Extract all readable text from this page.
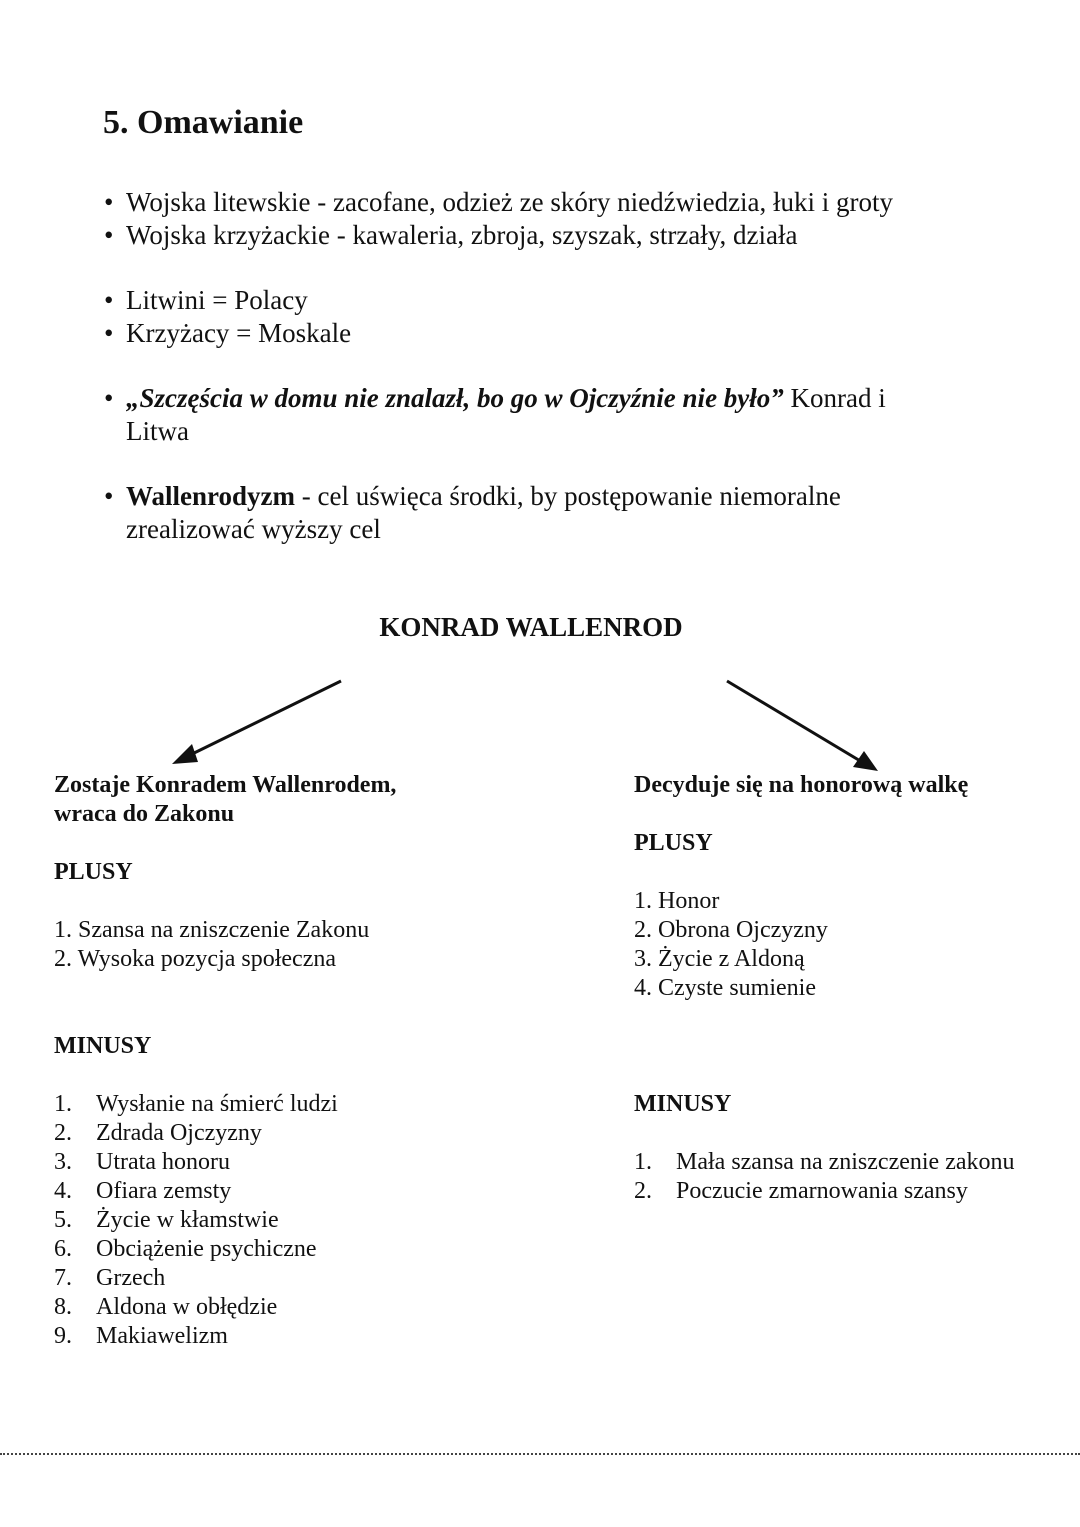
5. Omawianie
• Wojska litewskie - zacofane, odzież ze skóry niedźwiedzia, łuki i groty
• Wojska krzyżackie - kawaleria, zbroja, szyszak, strzały, działa
• Litwini = Polacy
• Krzyżacy = Moskale
• „Szczęścia w domu nie znalazł, bo go w Ojczyźnie nie było” Konrad i Litwa
• Wallenrodyzm - cel uświęca środki, by postępowanie niemoralne zrealizować wyższy cel
KONRAD WALLENROD
Zostaje Konradem Wallenrodem,
wraca do Zakonu
PLUSY
1. Szansa na zniszczenie Zakonu
2. Wysoka pozycja społeczna
MINUSY
1. Wysłanie na śmierć ludzi
2. Zdrada Ojczyzny
3. Utrata honoru
4. Ofiara zemsty
5. Życie w kłamstwie
6. Obciążenie psychiczne
7. Grzech
8. Aldona w obłędzie
9. Makiawelizm
Decyduje się na honorową walkę
PLUSY
1. Honor
2. Obrona Ojczyzny
3. Życie z Aldoną
4. Czyste sumienie
MINUSY
1. Mała szansa na zniszczenie zakonu
2. Poczucie zmarnowania szansy
